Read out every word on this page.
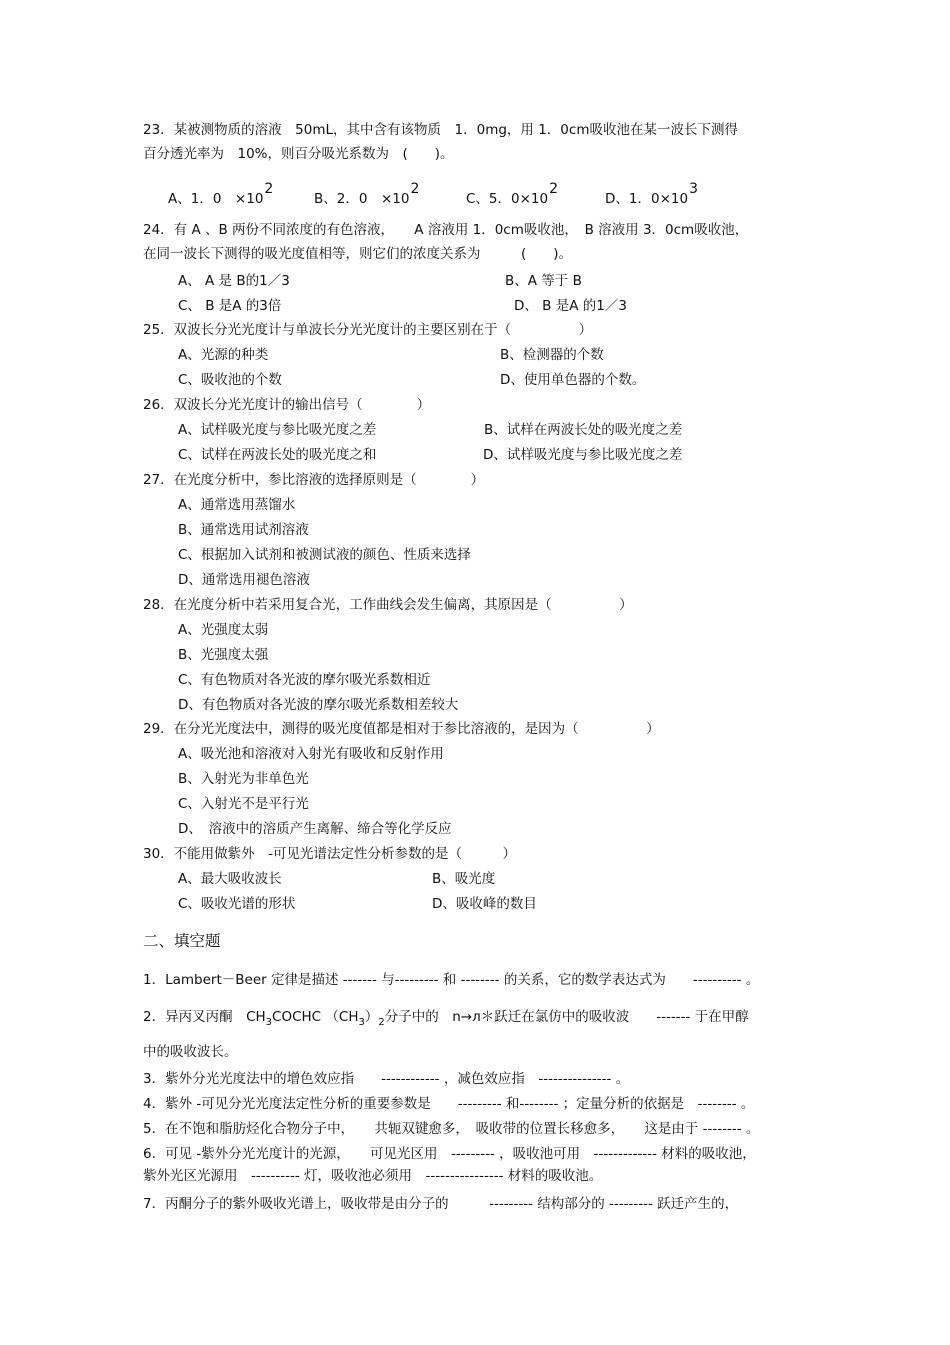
23．某被测物质的溶液　50mL，其中含有该物质　1．0mg，用 1．0cm吸收池在某一波长下测得
百分透光率为　10%，则百分吸光系数为　(　　)。
A、1．0　×102
B、2．0　×102
C、5．0×102
D、1．0×103
24．有 A 、B 两份不同浓度的有色溶液，　　A 溶液用 1．0cm吸收池，　B 溶液用 3．0cm吸收池，
在同一波长下测得的吸光度值相等，则它们的浓度关系为　　　(　　)。
A、 A 是 B的1／3	B、A 等于 B
C、 B 是A 的3倍	D、 B 是A 的1／3
25．双波长分光光度计与单波长分光光度计的主要区别在于（　　　　　）
A、光源的种类	B、检测器的个数
C、吸收池的个数	D、使用单色器的个数。
26．双波长分光光度计的输出信号（　　　　）
A、试样吸光度与参比吸光度之差	B、试样在两波长处的吸光度之差
C、试样在两波长处的吸光度之和	D、试样吸光度与参比吸光度之差
27．在光度分析中，参比溶液的选择原则是（　　　　）
A、通常选用蒸馏水
B、通常选用试剂溶液
C、根据加入试剂和被测试液的颜色、性质来选择
D、通常选用褪色溶液
28．在光度分析中若采用复合光，工作曲线会发生偏离，其原因是（　　　　　）
A、光强度太弱
B、光强度太强
C、有色物质对各光波的摩尔吸光系数相近
D、有色物质对各光波的摩尔吸光系数相差较大
29．在分光光度法中，测得的吸光度值都是相对于参比溶液的，是因为（　　　　　）
A、吸光池和溶液对入射光有吸收和反射作用
B、入射光为非单色光
C、入射光不是平行光
D、　溶液中的溶质产生离解、缔合等化学反应
30．不能用做紫外　-可见光谱法定性分析参数的是（　　　）
A、最大吸收波长	B、吸光度
C、吸收光谱的形状	D、吸收峰的数目
二、填空题
1．Lambert－Beer 定律是描述 ------- 与--------- 和 -------- 的关系，它的数学表达式为　　---------- 。
2．异丙叉丙酮　$CH_3COCHC$ $(CH_3)_2$分子中的　n→л＊跃迁在氯仿中的吸收波　　------- 于在甲醇
中的吸收波长。
3．紫外分光光度法中的增色效应指　　------------ ，减色效应指　--------------- 。
4．紫外 -可见分光光度法定性分析的重要参数是　　--------- 和-------- ；定量分析的依据是　-------- 。
5．在不饱和脂肪烃化合物分子中，　　共轭双键愈多，　吸收带的位置长移愈多，　　这是由于 -------- 。
6．可见 -紫外分光光度计的光源，　　可见光区用　--------- ，吸收池可用　------------- 材料的吸收池，
紫外光区光源用　---------- 灯，吸收池必须用　---------------- 材料的吸收池。
7．丙酮分子的紫外吸收光谱上，吸收带是由分子的　　　--------- 结构部分的 --------- 跃迁产生的，
